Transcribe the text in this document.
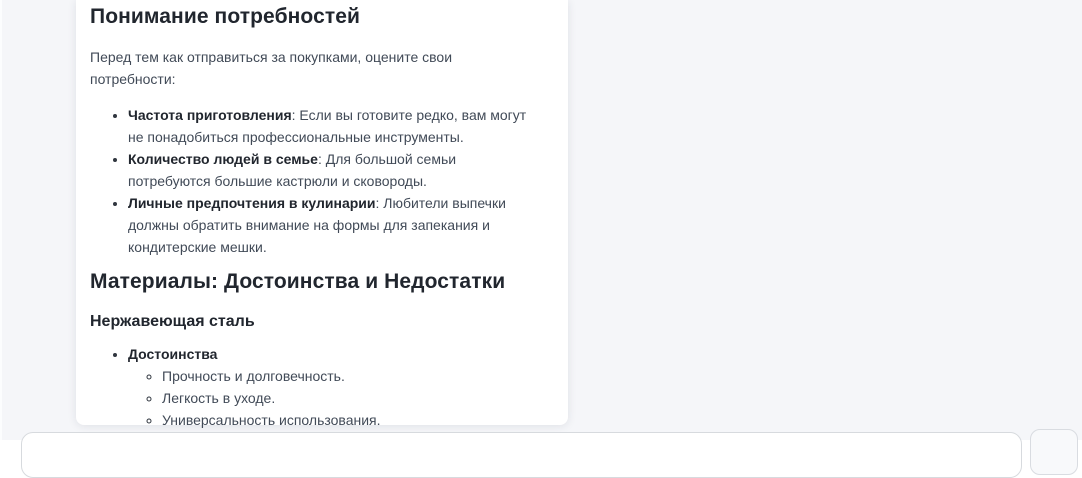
Понимание потребностей

Перед тем как отправиться за покупками, оцените свои потребности:

• Частота приготовления: Если вы готовите редко, вам могут не понадобиться профессиональные инструменты.
• Количество людей в семье: Для большой семьи потребуются большие кастрюли и сковороды.
• Личные предпочтения в кулинарии: Любители выпечки должны обратить внимание на формы для запекания и кондитерские мешки.
Материалы: Достоинства и Недостатки
Нержавеющая сталь
• Достоинства
◦ Прочность и долговечность.
◦ Легкость в уходе.
◦ Универсальность использования.
•
